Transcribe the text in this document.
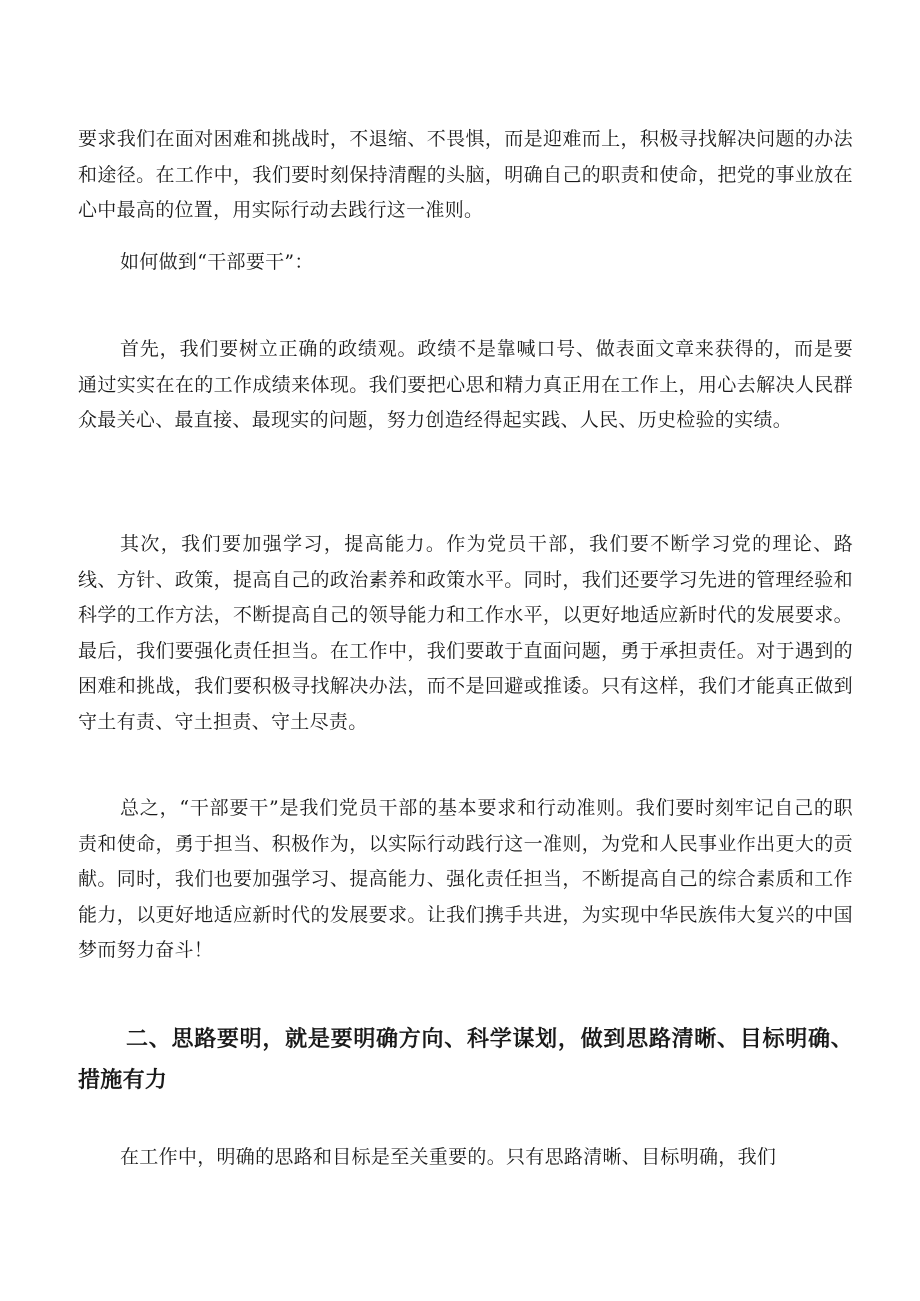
要求我们在面对困难和挑战时，不退缩、不畏惧，而是迎难而上，积极寻找解决问题的办法和途径。在工作中，我们要时刻保持清醒的头脑，明确自己的职责和使命，把党的事业放在心中最高的位置，用实际行动去践行这一准则。

如何做到“干部要干”：

首先，我们要树立正确的政绩观。政绩不是靠喊口号、做表面文章来获得的，而是要通过实实在在的工作成绩来体现。我们要把心思和精力真正用在工作上，用心去解决人民群众最关心、最直接、最现实的问题，努力创造经得起实践、人民、历史检验的实绩。

其次，我们要加强学习，提高能力。作为党员干部，我们要不断学习党的理论、路线、方针、政策，提高自己的政治素养和政策水平。同时，我们还要学习先进的管理经验和科学的工作方法，不断提高自己的领导能力和工作水平，以更好地适应新时代的发展要求。最后，我们要强化责任担当。在工作中，我们要敢于直面问题，勇于承担责任。对于遇到的困难和挑战，我们要积极寻找解决办法，而不是回避或推诿。只有这样，我们才能真正做到守土有责、守土担责、守土尽责。

总之，“干部要干”是我们党员干部的基本要求和行动准则。我们要时刻牢记自己的职责和使命，勇于担当、积极作为，以实际行动践行这一准则，为党和人民事业作出更大的贡献。同时，我们也要加强学习、提高能力、强化责任担当，不断提高自己的综合素质和工作能力，以更好地适应新时代的发展要求。让我们携手共进，为实现中华民族伟大复兴的中国梦而努力奋斗！

二、思路要明，就是要明确方向、科学谋划，做到思路清晰、目标明确、措施有力

在工作中，明确的思路和目标是至关重要的。只有思路清晰、目标明确，我们
